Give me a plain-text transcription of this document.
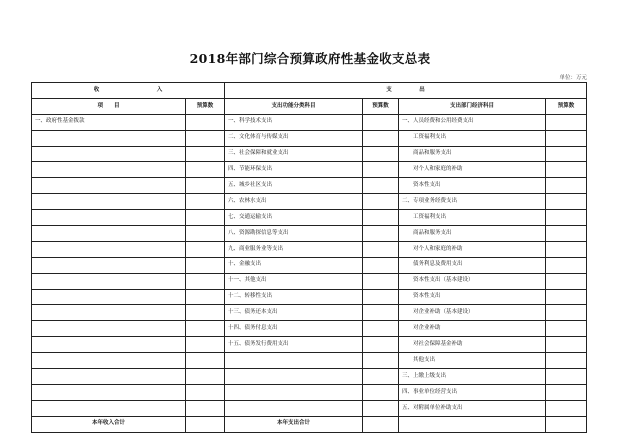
2018年部门综合预算政府性基金收支总表
单位：万元
收 入		支　　　　　出			
项　　目	预算数	支出功能分类科目	预算数	支出部门经济科目	预算数
一、政府性基金拨款		一、科学技术支出		一、人员经费和公用经费支出	
		二、文化体育与传媒支出		工资福利支出	
		三、社会保障和就业支出		商品和服务支出	
		四、节能环保支出		对个人和家庭的补助	
		五、城乡社区支出		资本性支出	
		六、农林水支出		二、专项业务经费支出	
		七、交通运输支出		工资福利支出	
		八、资源勘探信息等支出		商品和服务支出	
		九、商业服务业等支出		对个人和家庭的补助	
		十、金融支出		债务利息及费用支出	
		十一、其他支出		资本性支出（基本建设）	
		十二、转移性支出		资本性支出	
		十三、债务还本支出		对企业补助（基本建设）	
		十四、债务付息支出		对企业补助	
		十五、债务发行费用支出		对社会保障基金补助	
				其他支出	
				三、上缴上级支出	
				四、事业单位经营支出	
				五、对附属单位补助支出	
本年收入合计		本年支出合计			
